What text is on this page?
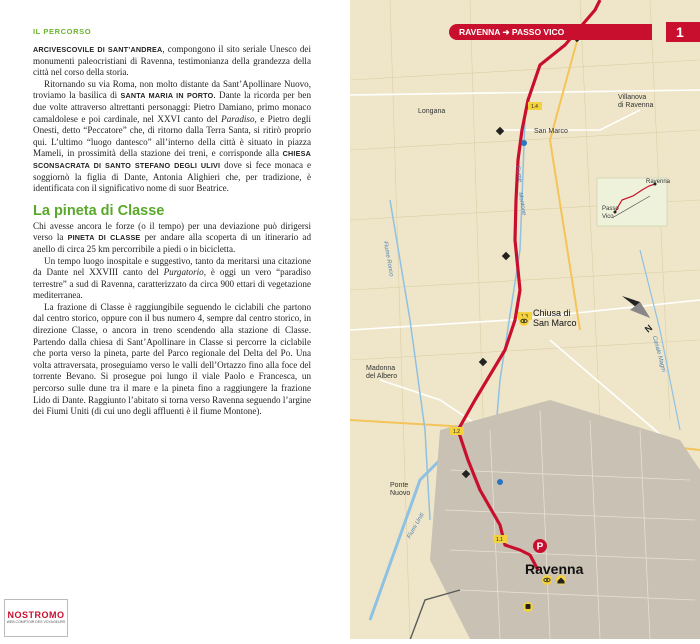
IL PERCORSO

ARCIVESCOVILE DI SANT’ANDREA, compongono il sito seriale Unesco dei monumenti paleocristiani di Ravenna, testimonianza della grandezza della città nel corso della storia.

Ritornando su via Roma, non molto distante da Sant’Apollinare Nuovo, troviamo la basilica di SANTA MARIA IN PORTO. Dante la ricorda per ben due volte attraverso altrettanti personaggi: Pietro Damiano, primo monaco camaldolese e poi cardinale, nel XXVI canto del Paradiso, e Pietro degli Onesti, detto “Peccatore” che, di ritorno dalla Terra Santa, si ritirò proprio qui. L’ultimo “luogo dantesco” all’interno della città è situato in piazza Mameli, in prossimità della stazione dei treni, e corrisponde alla CHIESA SCONSACRATA DI SANTO STEFANO DEGLI ULIVI dove si fece monaca e soggiornò la figlia di Dante, Antonia Alighieri che, per tradizione, è identificata con il significativo nome di suor Beatrice.

La pineta di Classe

Chi avesse ancora le forze (o il tempo) per una deviazione può dirigersi verso la PINETA DI CLASSE per andare alla scoperta di un itinerario ad anello di circa 25 km percorribile a piedi o in bicicletta.

Un tempo luogo inospitale e suggestivo, tanto da meritarsi una citazione da Dante nel XXVIII canto del Purgatorio, è oggi un vero “paradiso terrestre” a sud di Ravenna, caratterizzato da circa 900 ettari di vegetazione mediterranea.

La frazione di Classe è raggiungibile seguendo le ciclabili che partono dal centro storico, oppure con il bus numero 4, sempre dal centro storico, in direzione Classe, o ancora in treno scendendo alla stazione di Classe. Partendo dalla chiesa di Sant’Apollinare in Classe si percorre la ciclabile che porta verso la pineta, parte del Parco regionale del Delta del Po. Una volta attraversata, proseguiamo verso le valli dell’Ortazzo fino alla foce del torrente Bevano. Si prosegue poi lungo il viale Paolo e Francesca, un percorso sulle dune tra il mare e la pineta fino a raggiungere la frazione Lido di Dante. Raggiunto l’abitato si torna verso Ravenna seguendo l’argine dei Fiumi Uniti (di cui uno degli affluenti è il fiume Montone).

NOSTROMO
WEB COMPTOIR DES VOYAGEURS
1.4
1.2
1.1
P
N
Longana
San Marco
Villanova
di Ravenna
Chiusa di
San Marco
Madonna
del Albero
Ponte
Nuovo
Ravenna
Fiume
Montone
Fiume Ronco
Canale Magni
Fiumi Uniti
Ravenna
Passo
Vico
RAVENNA ➜ PASSO VICO	1
